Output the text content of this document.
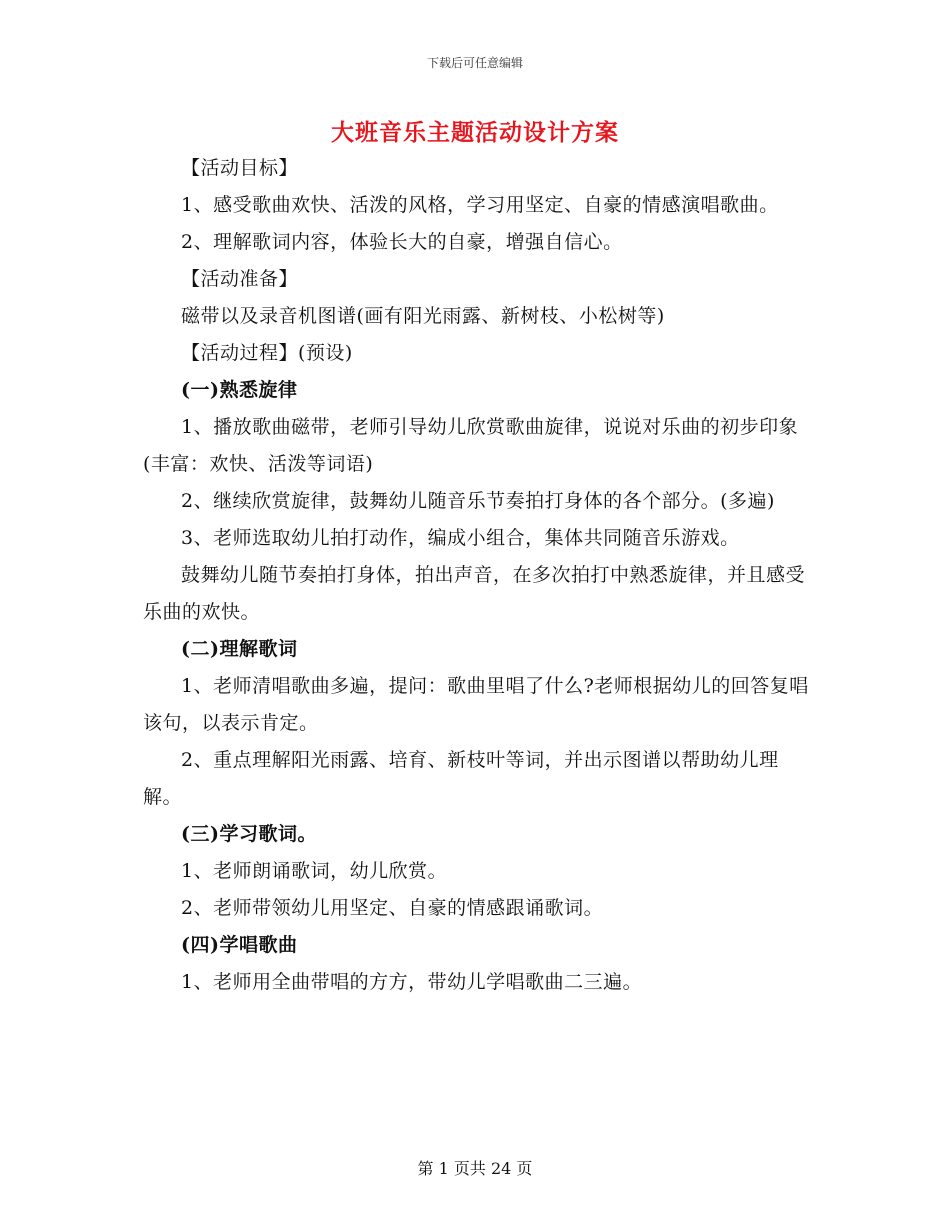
下载后可任意编辑
大班音乐主题活动设计方案

【活动目标】

1、感受歌曲欢快、活泼的风格，学习用坚定、自豪的情感演唱歌曲。

2、理解歌词内容，体验长大的自豪，增强自信心。

【活动准备】

磁带以及录音机图谱(画有阳光雨露、新树枝、小松树等)

【活动过程】(预设)

(一)熟悉旋律

1、播放歌曲磁带，老师引导幼儿欣赏歌曲旋律，说说对乐曲的初步印象(丰富：欢快、活泼等词语)

2、继续欣赏旋律，鼓舞幼儿随音乐节奏拍打身体的各个部分。(多遍)

3、老师选取幼儿拍打动作，编成小组合，集体共同随音乐游戏。

鼓舞幼儿随节奏拍打身体，拍出声音，在多次拍打中熟悉旋律，并且感受乐曲的欢快。

(二)理解歌词

1、老师清唱歌曲多遍，提问：歌曲里唱了什么?老师根据幼儿的回答复唱该句，以表示肯定。

2、重点理解阳光雨露、培育、新枝叶等词，并出示图谱以帮助幼儿理解。

(三)学习歌词。

1、老师朗诵歌词，幼儿欣赏。

2、老师带领幼儿用坚定、自豪的情感跟诵歌词。

(四)学唱歌曲

1、老师用全曲带唱的方方，带幼儿学唱歌曲二三遍。

第 1 页共 24 页
